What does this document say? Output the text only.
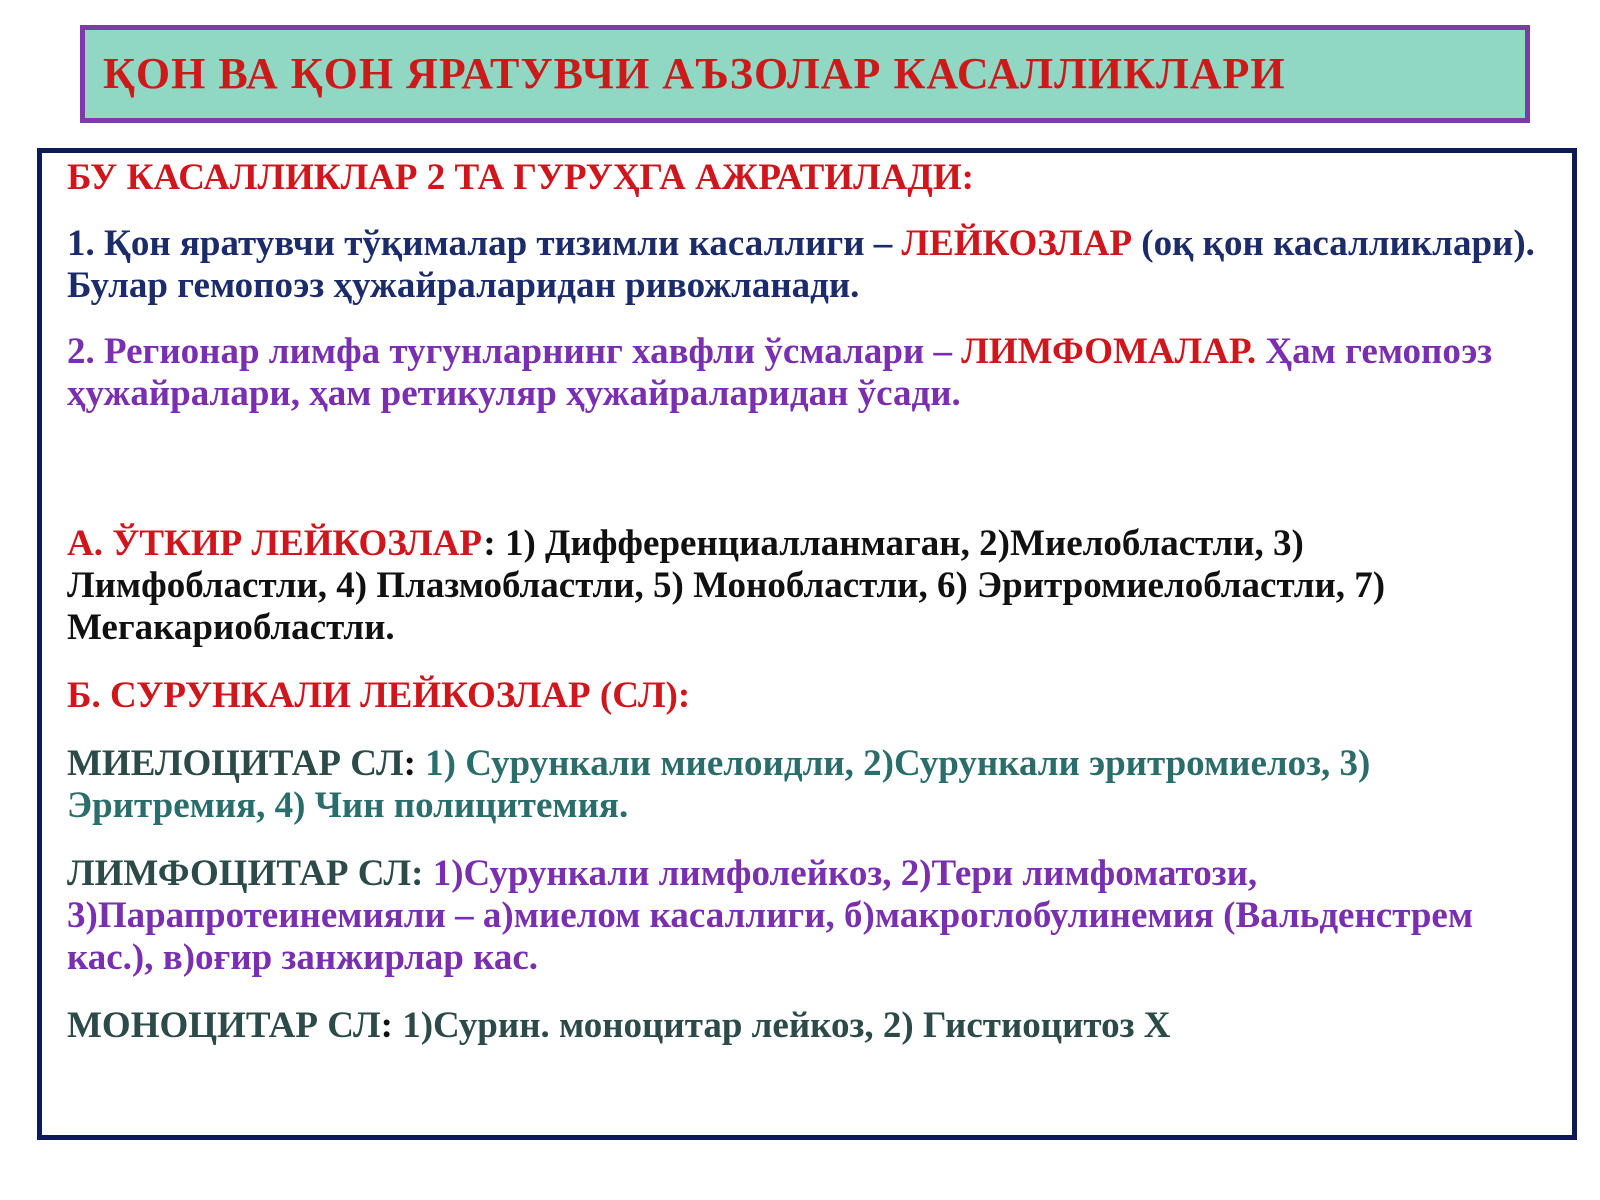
ҚОН ВА ҚОН ЯРАТУВЧИ АЪЗОЛАР КАСАЛЛИКЛАРИ

БУ КАСАЛЛИКЛАР 2 ТА ГУРУҲГА АЖРАТИЛАДИ:

1. Қон яратувчи тўқималар тизимли касаллиги – ЛЕЙКОЗЛАР (оқ қон касалликлари). Булар гемопоэз ҳужайраларидан ривожланади.

2. Регионар лимфа тугунларнинг хавфли ўсмалари – ЛИМФОМАЛАР. Ҳам гемопоэз ҳужайралари, ҳам ретикуляр ҳужайраларидан ўсади.

А. ЎТКИР ЛЕЙКОЗЛАР: 1) Дифференциалланмаган, 2)Миелобластли, 3) Лимфобластли, 4) Плазмобластли, 5) Монобластли, 6) Эритромиелобластли, 7) Мегакариобластли.

Б. СУРУНКАЛИ ЛЕЙКОЗЛАР (СЛ):

МИЕЛОЦИТАР СЛ: 1) Сурункали миелоидли, 2)Сурункали эритромиелоз, 3) Эритремия, 4) Чин полицитемия.

ЛИМФОЦИТАР СЛ: 1)Сурункали лимфолейкоз, 2)Тери лимфоматози, 3)Парапротеинемияли – а)миелом касаллиги, б)макроглобулинемия (Вальденстрем кас.), в)оғир занжирлар кас.

МОНОЦИТАР СЛ: 1)Сурин. моноцитар лейкоз, 2) Гистиоцитоз Х
